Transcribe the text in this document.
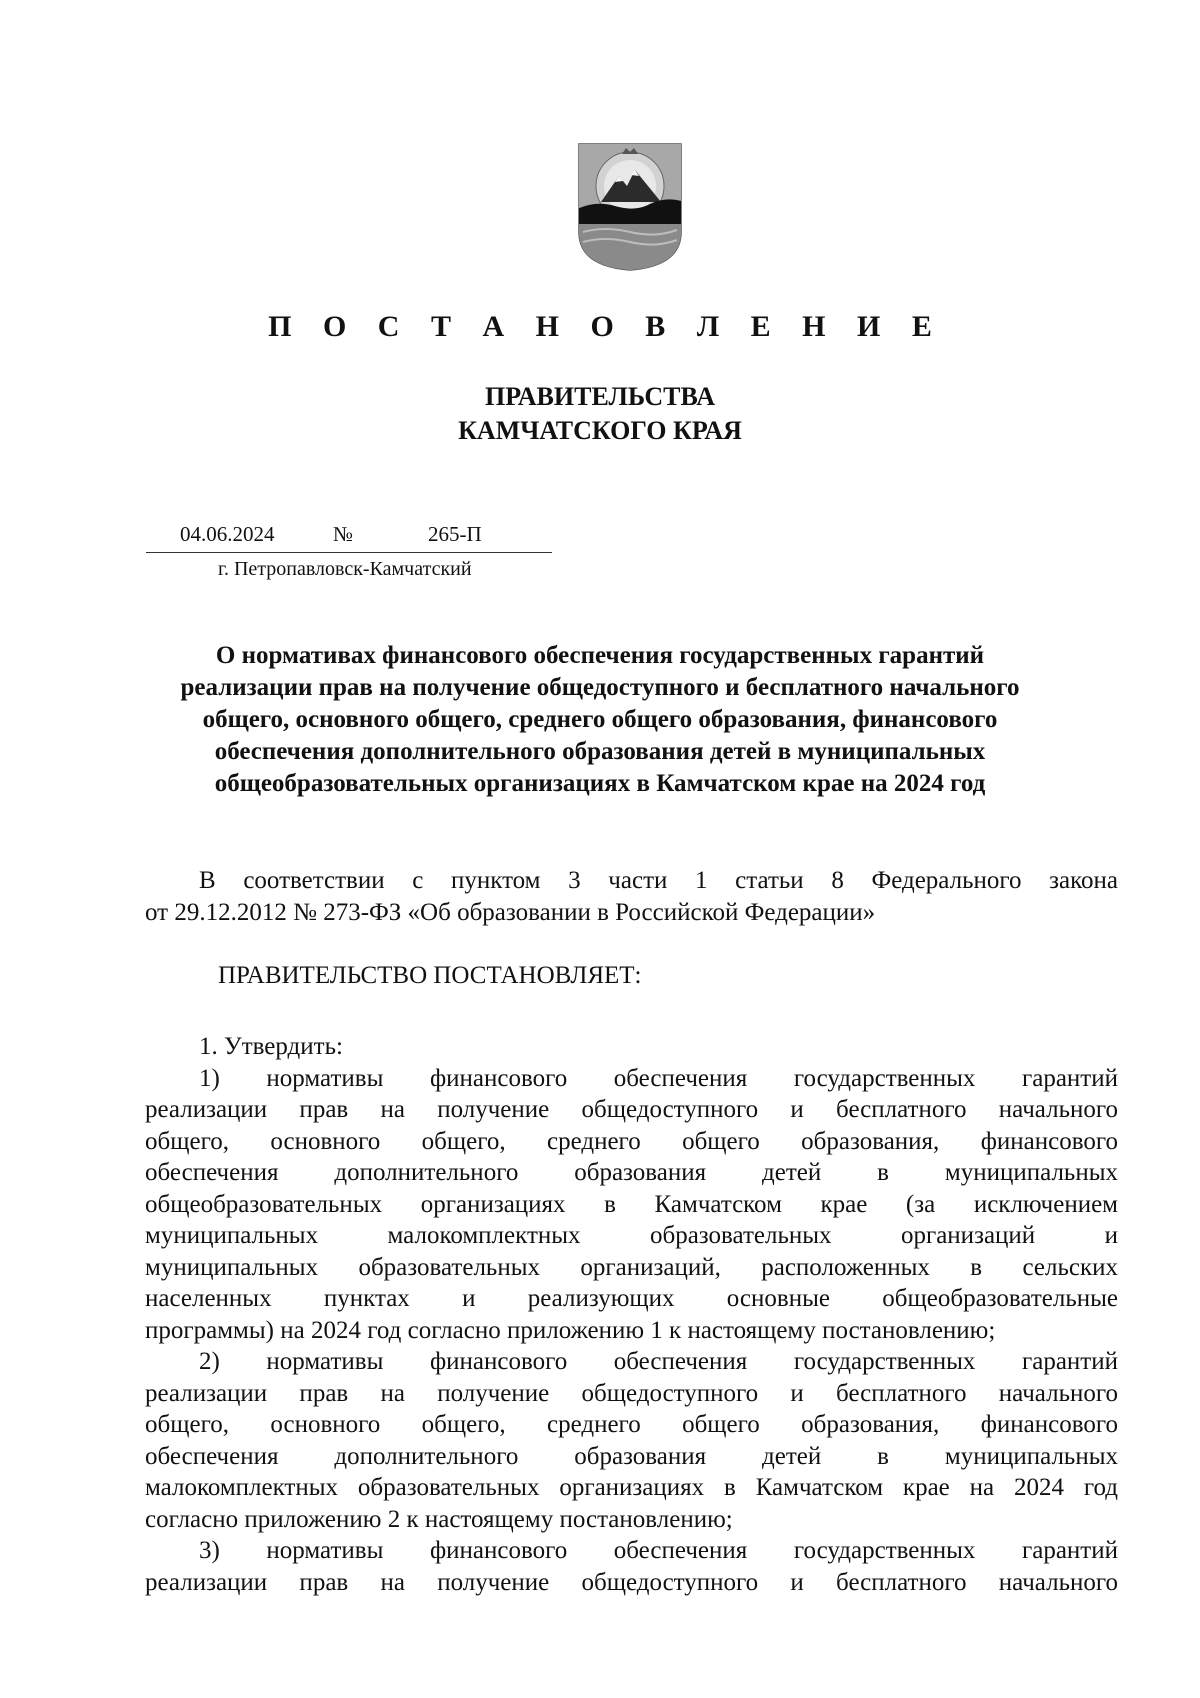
П О С Т А Н О В Л Е Н И Е
ПРАВИТЕЛЬСТВА
КАМЧАТСКОГО КРАЯ
04.06.2024	№	265-П
г. Петропавловск-Камчатский
О нормативах финансового обеспечения государственных гарантий
реализации прав на получение общедоступного и бесплатного начального
общего, основного общего, среднего общего образования, финансового
обеспечения дополнительного образования детей в муниципальных
общеобразовательных организациях в Камчатском крае на 2024 год
В соответствии с пунктом 3 части 1 статьи 8 Федерального закона
от 29.12.2012 № 273-ФЗ «Об образовании в Российской Федерации»
ПРАВИТЕЛЬСТВО ПОСТАНОВЛЯЕТ:
1. Утвердить:
1) нормативы финансового обеспечения государственных гарантий
реализации прав на получение общедоступного и бесплатного начального
общего, основного общего, среднего общего образования, финансового
обеспечения дополнительного образования детей в муниципальных
общеобразовательных организациях в Камчатском крае (за исключением
муниципальных малокомплектных образовательных организаций и
муниципальных образовательных организаций, расположенных в сельских
населенных пунктах и реализующих основные общеобразовательные
программы) на 2024 год согласно приложению 1 к настоящему постановлению;
2) нормативы финансового обеспечения государственных гарантий
реализации прав на получение общедоступного и бесплатного начального
общего, основного общего, среднего общего образования, финансового
обеспечения дополнительного образования детей в муниципальных
малокомплектных образовательных организациях в Камчатском крае на 2024 год
согласно приложению 2 к настоящему постановлению;
3) нормативы финансового обеспечения государственных гарантий
реализации прав на получение общедоступного и бесплатного начального
